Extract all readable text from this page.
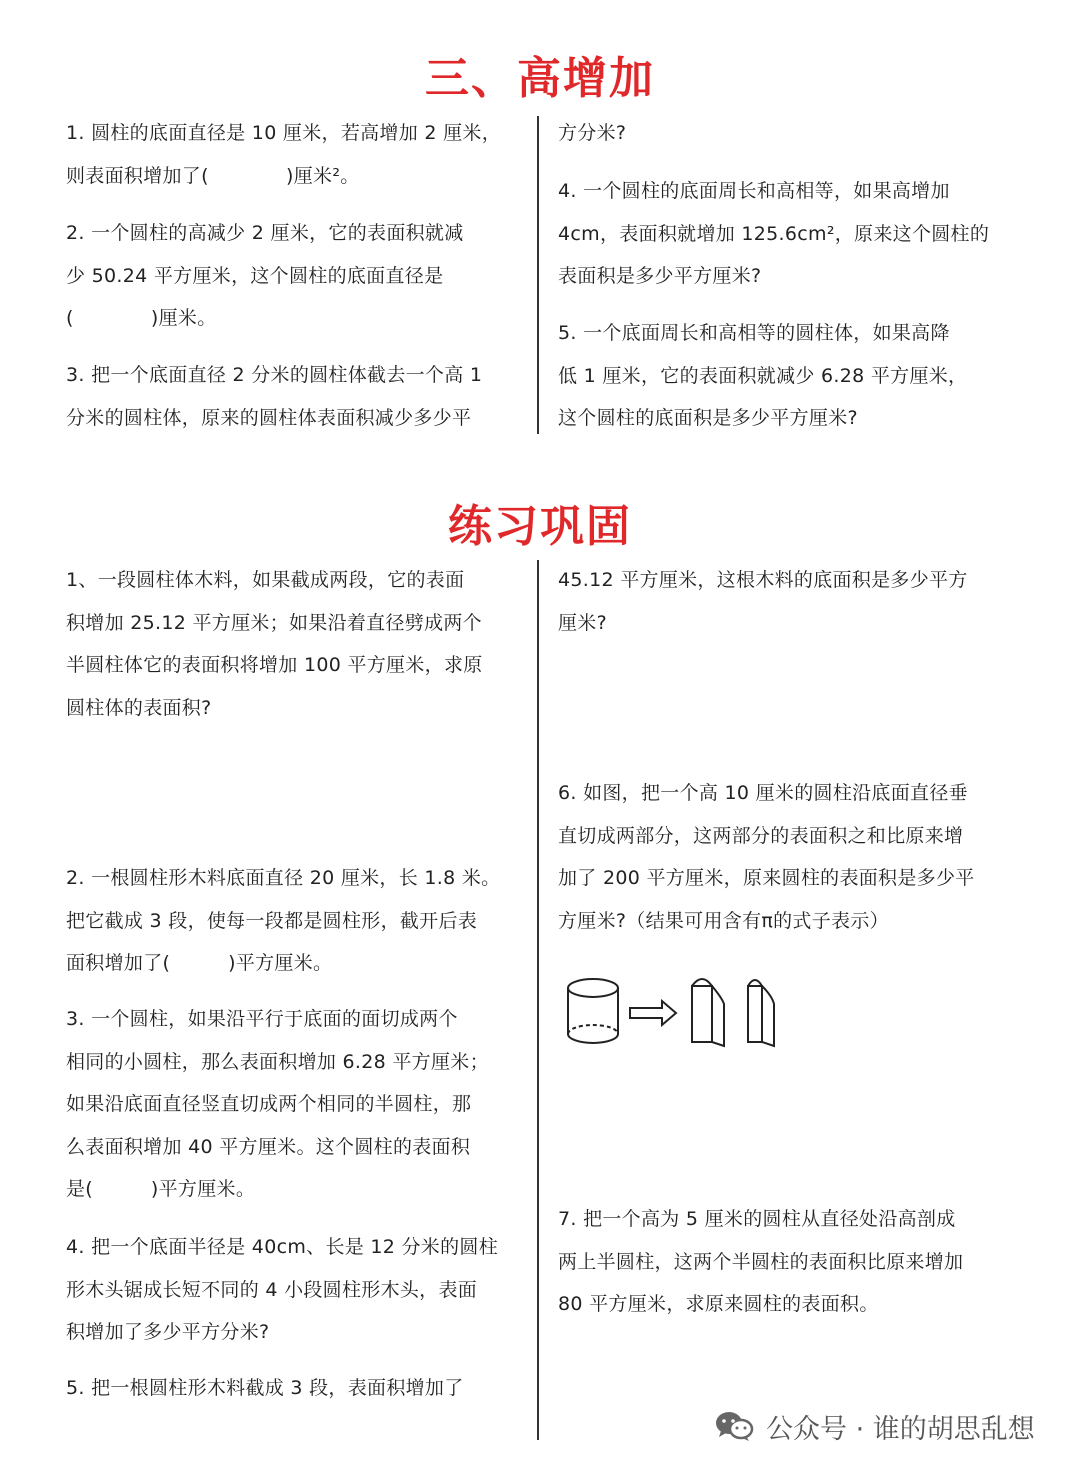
三、高增加
1. 圆柱的底面直径是 10 厘米，若高增加 2 厘米，
则表面积增加了(　　　　)厘米²。
2. 一个圆柱的高减少 2 厘米，它的表面积就减
少 50.24 平方厘米，这个圆柱的底面直径是
(　　　　)厘米。
3. 把一个底面直径 2 分米的圆柱体截去一个高 1
分米的圆柱体，原来的圆柱体表面积减少多少平
方分米?
4. 一个圆柱的底面周长和高相等，如果高增加
4cm，表面积就增加 125.6cm²，原来这个圆柱的
表面积是多少平方厘米?
5. 一个底面周长和高相等的圆柱体，如果高降
低 1 厘米，它的表面积就减少 6.28 平方厘米，
这个圆柱的底面积是多少平方厘米?
练习巩固
1、一段圆柱体木料，如果截成两段，它的表面
积增加 25.12 平方厘米；如果沿着直径劈成两个
半圆柱体它的表面积将增加 100 平方厘米，求原
圆柱体的表面积?
2. 一根圆柱形木料底面直径 20 厘米，长 1.8 米。
把它截成 3 段，使每一段都是圆柱形，截开后表
面积增加了(　　　)平方厘米。
3. 一个圆柱，如果沿平行于底面的面切成两个
相同的小圆柱，那么表面积增加 6.28 平方厘米；
如果沿底面直径竖直切成两个相同的半圆柱，那
么表面积增加 40 平方厘米。这个圆柱的表面积
是(　　　)平方厘米。
4. 把一个底面半径是 40cm、长是 12 分米的圆柱
形木头锯成长短不同的 4 小段圆柱形木头，表面
积增加了多少平方分米?
5. 把一根圆柱形木料截成 3 段，表面积增加了
45.12 平方厘米，这根木料的底面积是多少平方
厘米?
6. 如图，把一个高 10 厘米的圆柱沿底面直径垂
直切成两部分，这两部分的表面积之和比原来增
加了 200 平方厘米，原来圆柱的表面积是多少平
方厘米?（结果可用含有π的式子表示）
7. 把一个高为 5 厘米的圆柱从直径处沿高剖成
两上半圆柱，这两个半圆柱的表面积比原来增加
80 平方厘米，求原来圆柱的表面积。
公众号 · 谁的胡思乱想
